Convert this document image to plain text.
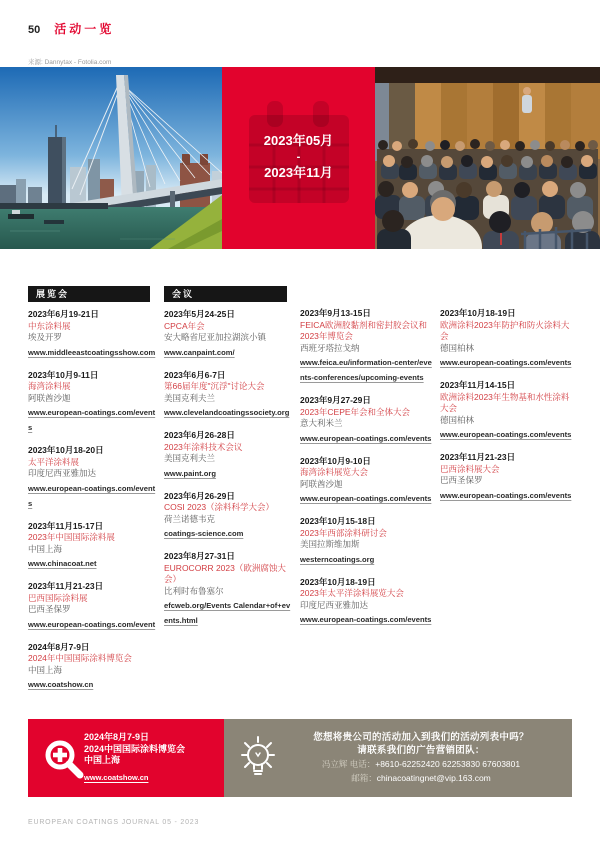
50 活动一览
来源: Dannytax - Fotolia.com
2023年05月
-
2023年11月
展览会
2023年6月19-21日
中东涂料展
埃及开罗
www.middleeastcoatingsshow.com
2023年10月9-11日
海湾涂料展
阿联酋沙迦
www.european-coatings.com/events
2023年10月18-20日
太平洋涂料展
印度尼西亚雅加达
www.european-coatings.com/events
2023年11月15-17日
2023年中国国际涂料展
中国上海
www.chinacoat.net
2023年11月21-23日
巴西国际涂料展
巴西圣保罗
www.european-coatings.com/event
2024年8月7-9日
2024年中国国际涂料博览会
中国上海
www.coatshow.cn
会议
2023年5月24-25日
CPCA年会
安大略省尼亚加拉湖滨小镇
www.canpaint.com/
2023年6月6-7日
第66届年度"沉浮"讨论大会
美国克利夫兰
www.clevelandcoatingssociety.org
2023年6月26-28日
2023年涂料技术会议
美国克利夫兰
www.paint.org
2023年6月26-29日
COSI 2023（涂料科学大会）
荷兰诺德韦克
coatings-science.com
2023年8月27-31日
EUROCORR 2023（欧洲腐蚀大会）
比利时布鲁塞尔
efcweb.org/Events Calendar+of+events.html
2023年9月13-15日
FEICA欧洲胶黏剂和密封胶会议和2023年博览会
西班牙塔拉戈纳
www.feica.eu/information-center/events-conferences/upcoming-events
2023年9月27-29日
2023年CEPE年会和全体大会
意大利米兰
www.european-coatings.com/events
2023年10月9-10日
海湾涂料展览大会
阿联酋沙迦
www.european-coatings.com/events
2023年10月15-18日
2023年西部涂料研讨会
美国拉斯维加斯
westerncoatings.org
2023年10月18-19日
2023年太平洋涂料展览大会
印度尼西亚雅加达
www.european-coatings.com/events
2023年10月18-19日
欧洲涂料2023年防护和防火涂料大会
德国柏林
www.european-coatings.com/events
2023年11月14-15日
欧洲涂料2023年生物基和水性涂料大会
德国柏林
www.european-coatings.com/events
2023年11月21-23日
巴西涂料展大会
巴西圣保罗
www.european-coatings.com/events
2024年8月7-9日
2024中国国际涂料博览会
中国上海
www.coatshow.cn
您想将贵公司的活动加入到我们的活动列表中吗？
请联系我们的广告营销团队：
冯立辉 电话：+8610-62252420 62253830 67603801
邮箱：chinacoatingnet@vip.163.com
EUROPEAN COATINGS JOURNAL 05 - 2023
